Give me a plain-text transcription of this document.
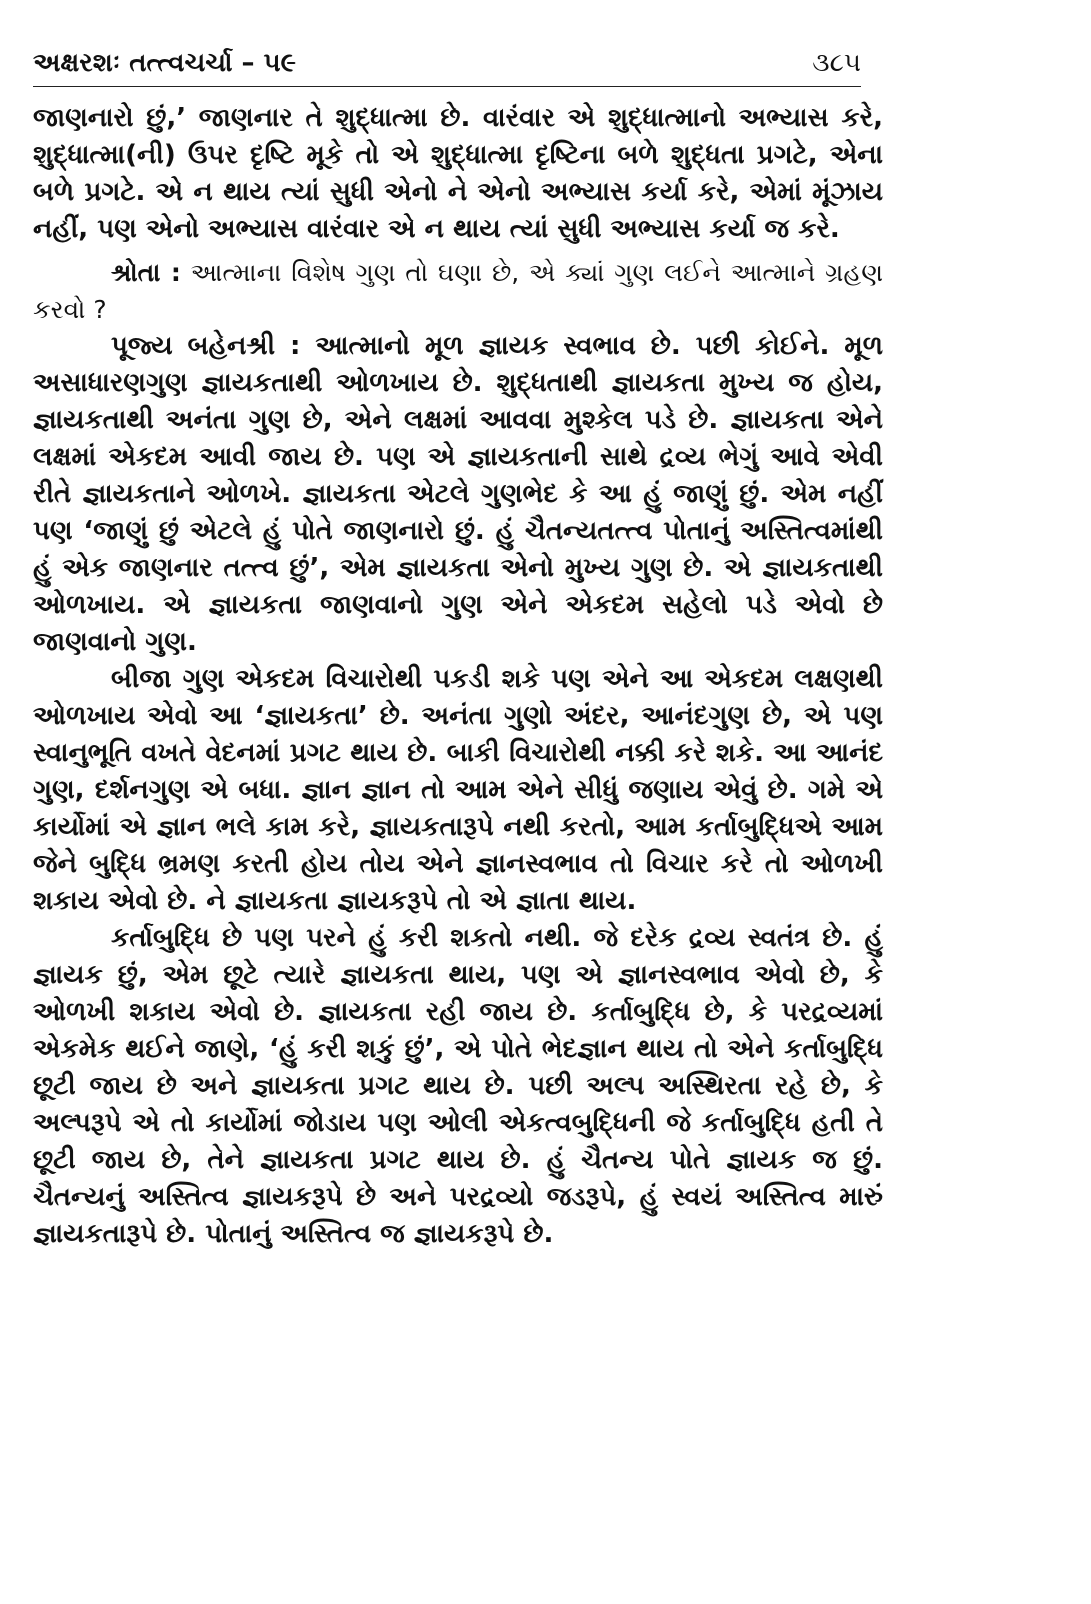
અક્ષરશઃ તત્ત્વચર્ચા – ૫૯	૩૮૫

જાણનારો છું,’ જાણનાર તે શુદ્ધાત્મા છે. વારંવાર એ શુદ્ધાત્માનો અભ્યાસ કરે, શુદ્ધાત્મા(ની) ઉપર દૃષ્ટિ મૂકે તો એ શુદ્ધાત્મા દૃષ્ટિના બળે શુદ્ધતા પ્રગટે, એના બળે પ્રગટે. એ ન થાય ત્યાં સુધી એનો ને એનો અભ્યાસ કર્યા કરે, એમાં મૂંઝાય નહીં, પણ એનો અભ્યાસ વારંવાર એ ન થાય ત્યાં સુધી અભ્યાસ કર્યા જ કરે.

શ્રોતા : આત્માના વિશેષ ગુણ તો ઘણા છે, એ ક્યાં ગુણ લઈને આત્માને ગ્રહણ કરવો ?

પૂજ્ય બહેનશ્રી : આત્માનો મૂળ જ્ઞાયક સ્વભાવ છે. પછી કોઈને. મૂળ અસાધારણગુણ જ્ઞાયકતાથી ઓળખાય છે. શુદ્ધતાથી જ્ઞાયકતા મુખ્ય જ હોય, જ્ઞાયકતાથી અનંતા ગુણ છે, એને લક્ષમાં આવવા મુશ્કેલ પડે છે. જ્ઞાયકતા એને લક્ષમાં એકદમ આવી જાય છે. પણ એ જ્ઞાયકતાની સાથે દ્રવ્ય ભેગું આવે એવી રીતે જ્ઞાયકતાને ઓળખે. જ્ઞાયકતા એટલે ગુણભેદ કે આ હું જાણું છું. એમ નહીં પણ ‘જાણું છું એટલે હું પોતે જાણનારો છું. હું ચૈતન્યતત્ત્વ પોતાનું અસ્તિત્વમાંથી હું એક જાણનાર તત્ત્વ છું’, એમ જ્ઞાયકતા એનો મુખ્ય ગુણ છે. એ જ્ઞાયકતાથી ઓળખાય. એ જ્ઞાયકતા જાણવાનો ગુણ એને એકદમ સહેલો પડે એવો છે જાણવાનો ગુણ.

બીજા ગુણ એકદમ વિચારોથી પકડી શકે પણ એને આ એકદમ લક્ષણથી ઓળખાય એવો આ ‘જ્ઞાયકતા’ છે. અનંતા ગુણો અંદર, આનંદગુણ છે, એ પણ સ્વાનુભૂતિ વખતે વેદનમાં પ્રગટ થાય છે. બાકી વિચારોથી નક્કી કરે શકે. આ આનંદ ગુણ, દર્શનગુણ એ બધા. જ્ઞાન જ્ઞાન તો આમ એને સીધું જણાય એવું છે. ગમે એ કાર્યોમાં એ જ્ઞાન ભલે કામ કરે, જ્ઞાયકતારૂપે નથી કરતો, આમ કર્તાબુદ્ધિએ આમ જેને બુદ્ધિ ભ્રમણ કરતી હોય તોય એને જ્ઞાનસ્વભાવ તો વિચાર કરે તો ઓળખી શકાય એવો છે. ને જ્ઞાયકતા જ્ઞાયકરૂપે તો એ જ્ઞાતા થાય.

કર્તાબુદ્ધિ છે પણ પરને હું કરી શકતો નથી. જે દરેક દ્રવ્ય સ્વતંત્ર છે. હું જ્ઞાયક છું, એમ છૂટે ત્યારે જ્ઞાયકતા થાય, પણ એ જ્ઞાનસ્વભાવ એવો છે, કે ઓળખી શકાય એવો છે. જ્ઞાયકતા રહી જાય છે. કર્તાબુદ્ધિ છે, કે પરદ્રવ્યમાં એકમેક થઈને જાણે, ‘હું કરી શકું છું’, એ પોતે ભેદજ્ઞાન થાય તો એને કર્તાબુદ્ધિ છૂટી જાય છે અને જ્ઞાયકતા પ્રગટ થાય છે. પછી અલ્પ અસ્થિરતા રહે છે, કે અલ્પરૂપે એ તો કાર્યોમાં જોડાય પણ ઓલી એકત્વબુદ્ધિની જે કર્તાબુદ્ધિ હતી તે છૂટી જાય છે, તેને જ્ઞાયકતા પ્રગટ થાય છે. હું ચૈતન્ય પોતે જ્ઞાયક જ છું. ચૈતન્યનું અસ્તિત્વ જ્ઞાયકરૂપે છે અને પરદ્રવ્યો જડરૂપે, હું સ્વયં અસ્તિત્વ મારું જ્ઞાયકતારૂપે છે. પોતાનું અસ્તિત્વ જ જ્ઞાયકરૂપે છે.
